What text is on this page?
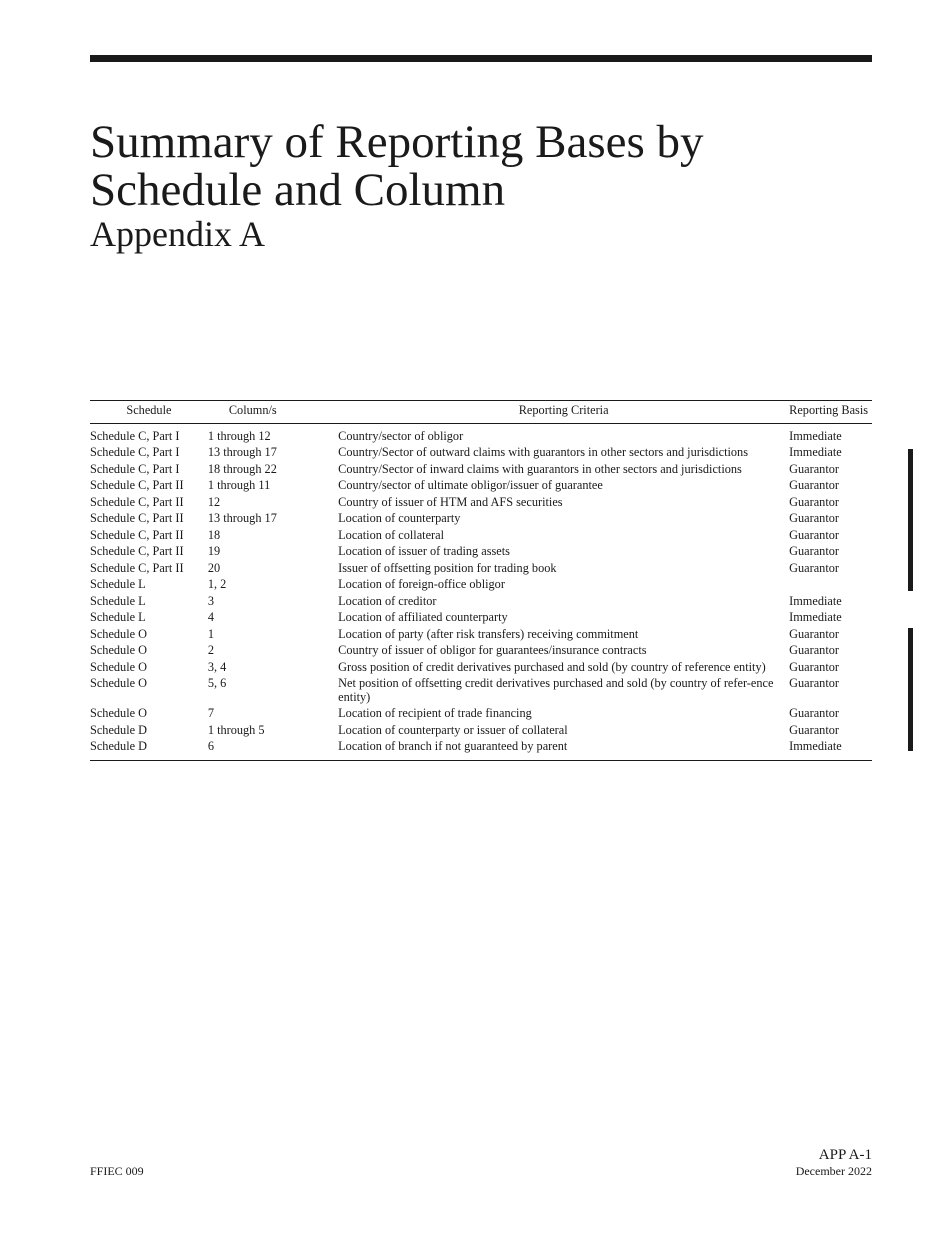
Summary of Reporting Bases by
Schedule and Column
Appendix A
Schedule	Column/s	Reporting Criteria	Reporting Basis
Schedule C, Part I	1 through 12	Country/sector of obligor	Immediate
Schedule C, Part I	13 through 17	Country/Sector of outward claims with guarantors in other sectors and jurisdictions	Immediate
Schedule C, Part I	18 through 22	Country/Sector of inward claims with guarantors in other sectors and jurisdictions	Guarantor
Schedule C, Part II	1 through 11	Country/sector of ultimate obligor/issuer of guarantee	Guarantor
Schedule C, Part II	12	Country of issuer of HTM and AFS securities	Guarantor
Schedule C, Part II	13 through 17	Location of counterparty	Guarantor
Schedule C, Part II	18	Location of collateral	Guarantor
Schedule C, Part II	19	Location of issuer of trading assets	Guarantor
Schedule C, Part II	20	Issuer of offsetting position for trading book	Guarantor
Schedule L	1, 2	Location of foreign-office obligor	
Schedule L	3	Location of creditor	Immediate
Schedule L	4	Location of affiliated counterparty	Immediate
Schedule O	1	Location of party (after risk transfers) receiving commitment	Guarantor
Schedule O	2	Country of issuer of obligor for guarantees/insurance contracts	Guarantor
Schedule O	3, 4	Gross position of credit derivatives purchased and sold (by country of reference entity)	Guarantor
Schedule O	5, 6	Net position of offsetting credit derivatives purchased and sold (by country of refer-ence entity)	Guarantor
Schedule O	7	Location of recipient of trade financing	Guarantor
Schedule D	1 through 5	Location of counterparty or issuer of collateral	Guarantor
Schedule D	6	Location of branch if not guaranteed by parent	Immediate
FFIEC 009
APP A-1
December 2022
